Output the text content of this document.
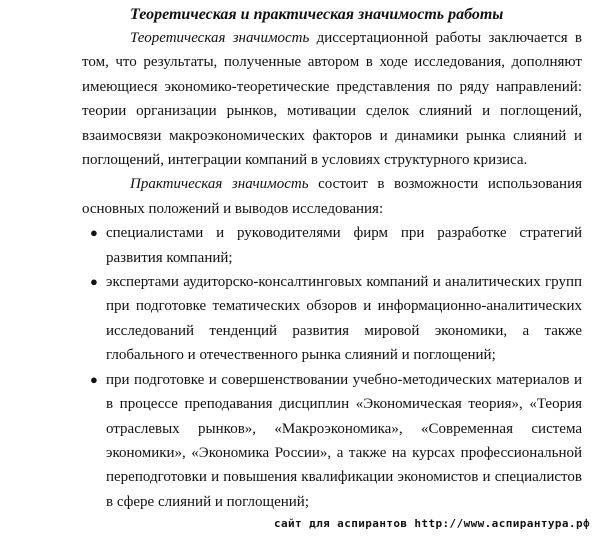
Теоретическая и практическая значимость работы

Теоретическая значимость диссертационной работы заключается в том, что результаты, полученные автором в ходе исследования, дополняют имеющиеся экономико-теоретические представления по ряду направлений: теории организации рынков, мотивации сделок слияний и поглощений, взаимосвязи макроэкономических факторов и динамики рынка слияний и поглощений, интеграции компаний в условиях структурного кризиса.

Практическая значимость состоит в возможности использования основных положений и выводов исследования:

● специалистами и руководителями фирм при разработке стратегий развития компаний;
● экспертами аудиторско-консалтинговых компаний и аналитических групп при подготовке тематических обзоров и информационно-аналитических исследований тенденций развития мировой экономики, а также глобального и отечественного рынка слияний и поглощений;
● при подготовке и совершенствовании учебно-методических материалов и в процессе преподавания дисциплин «Экономическая теория», «Теория отраслевых рынков», «Макроэкономика», «Современная система экономики», «Экономика России», а также на курсах профессиональной переподготовки и повышения квалификации экономистов и специалистов в сфере слияний и поглощений;
сайт для аспирантов http://www.аспирантура.рф
